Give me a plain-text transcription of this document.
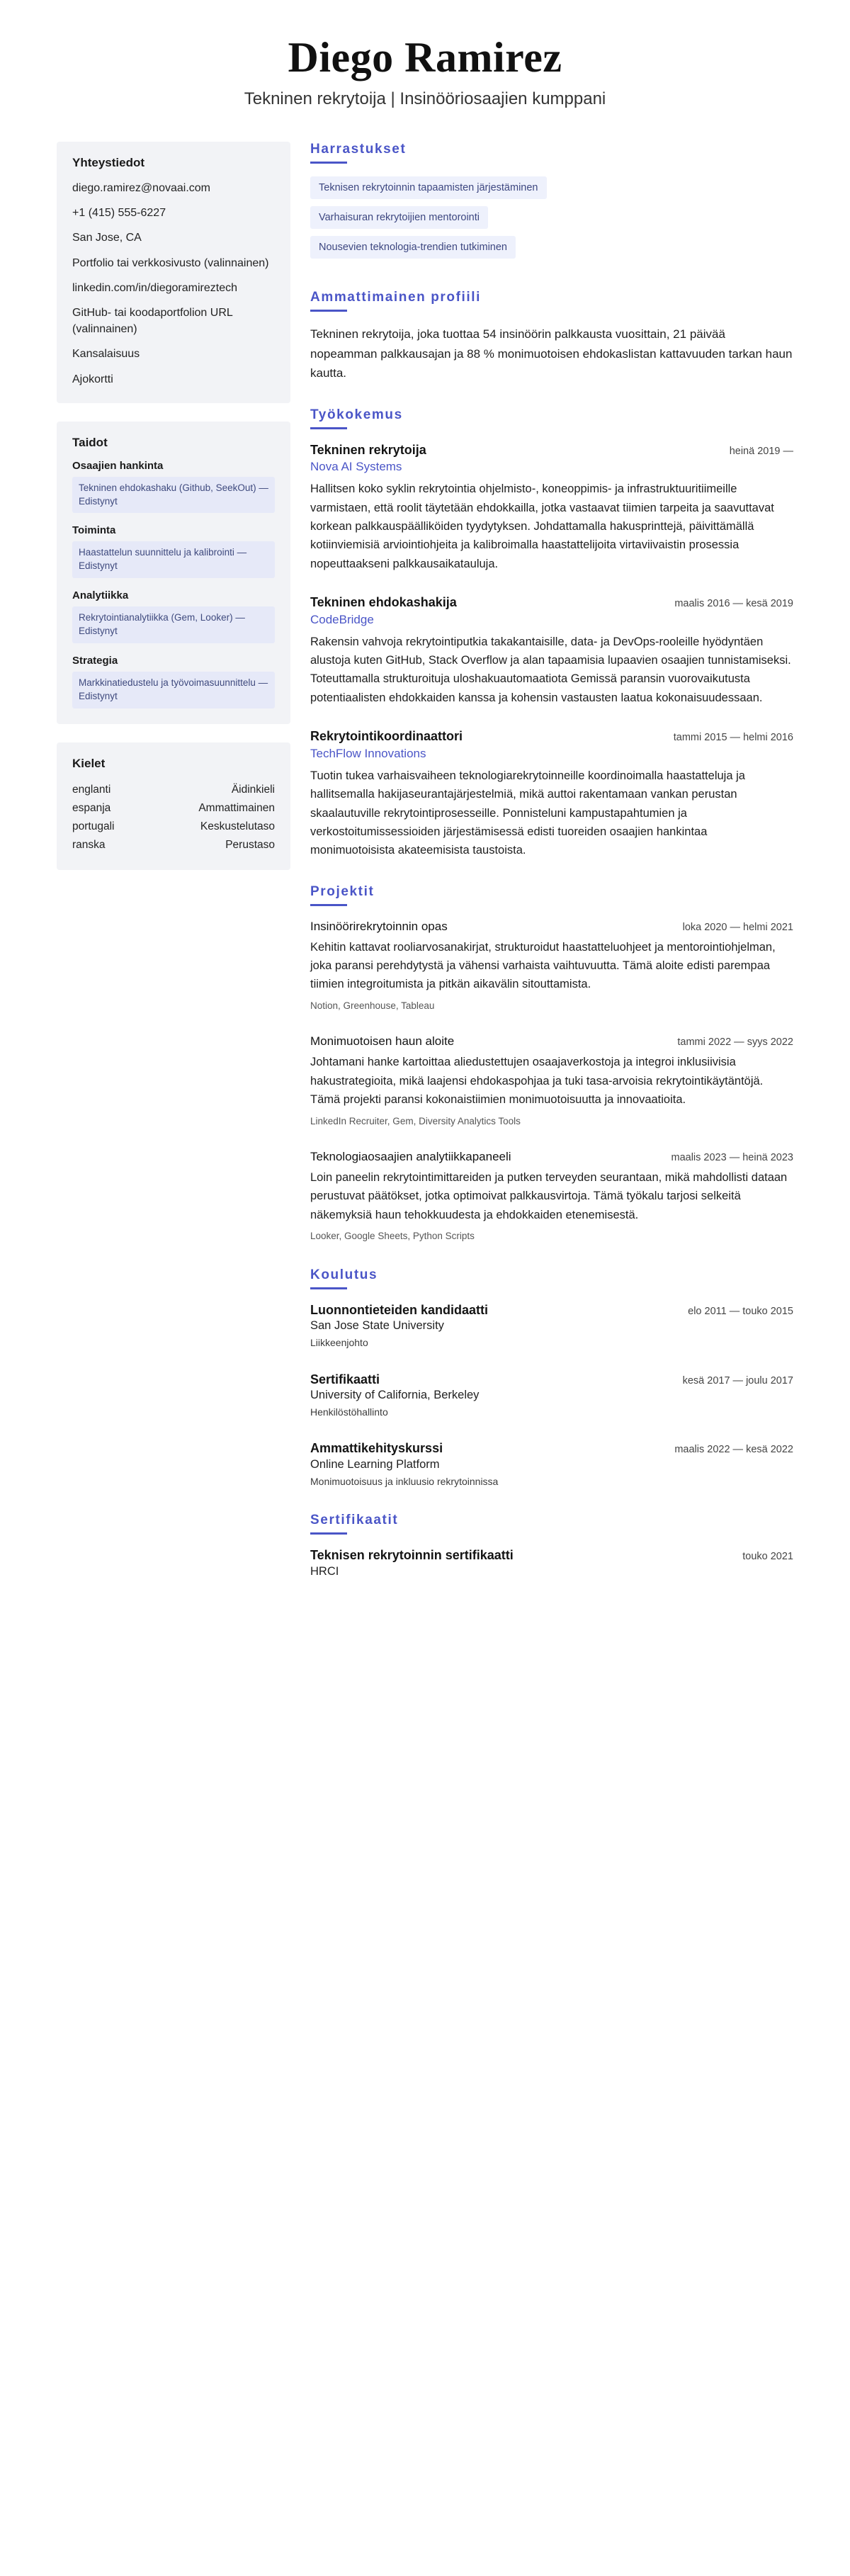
Diego Ramirez
Tekninen rekrytoija | Insinööriosaajien kumppani
Yhteystiedot
diego.ramirez@novaai.com
+1 (415) 555-6227
San Jose, CA
Portfolio tai verkkosivusto (valinnainen)
linkedin.com/in/diegoramireztech
GitHub- tai koodaportfolion URL (valinnainen)
Kansalaisuus
Ajokortti
Taidot
Osaajien hankinta
Tekninen ehdokashaku (Github, SeekOut) — Edistynyt
Toiminta
Haastattelun suunnittelu ja kalibrointi — Edistynyt
Analytiikka
Rekrytointianalytiikka (Gem, Looker) — Edistynyt
Strategia
Markkinatiedustelu ja työvoimasuunnittelu — Edistynyt
Kielet
englanti	Äidinkieli
espanja	Ammattimainen
portugali	Keskustelutaso
ranska	Perustaso
Harrastukset
Teknisen rekrytoinnin tapaamisten järjestäminen
Varhaisuran rekrytoijien mentorointi
Nousevien teknologia-trendien tutkiminen
Ammattimainen profiili
Tekninen rekrytoija, joka tuottaa 54 insinöörin palkkausta vuosittain, 21 päivää nopeamman palkkausajan ja 88 % monimuotoisen ehdokaslistan kattavuuden tarkan haun kautta.
Työkokemus
Tekninen rekrytoija	heinä 2019 —
Nova AI Systems
Hallitsen koko syklin rekrytointia ohjelmisto-, koneoppimis- ja infrastruktuuritiimeille varmistaen, että roolit täytetään ehdokkailla, jotka vastaavat tiimien tarpeita ja saavuttavat korkean palkkauspäälliköiden tyydytyksen. Johdattamalla hakusprinttejä, päivittämällä kotiinviemisiä arviointiohjeita ja kalibroimalla haastattelijoita virtaviivaistin prosessia nopeuttaakseni palkkausaikatauluja.
Tekninen ehdokashakija	maalis 2016 — kesä 2019
CodeBridge
Rakensin vahvoja rekrytointiputkia takakantaisille, data- ja DevOps-rooleille hyödyntäen alustoja kuten GitHub, Stack Overflow ja alan tapaamisia lupaavien osaajien tunnistamiseksi. Toteuttamalla strukturoituja uloshakuautomaatiota Gemissä paransin vuorovaikutusta potentiaalisten ehdokkaiden kanssa ja kohensin vastausten laatua kokonaisuudessaan.
Rekrytointikoordinaattori	tammi 2015 — helmi 2016
TechFlow Innovations
Tuotin tukea varhaisvaiheen teknologiarekrytoinneille koordinoimalla haastatteluja ja hallitsemalla hakijaseurantajärjestelmiä, mikä auttoi rakentamaan vankan perustan skaalautuville rekrytointiprosesseille. Ponnisteluni kampustapahtumien ja verkostoitumissessioiden järjestämisessä edisti tuoreiden osaajien hankintaa monimuotoisista akateemisista taustoista.
Projektit
Insinöörirekrytoinnin opas	loka 2020 — helmi 2021
Kehitin kattavat rooliarvosanakirjat, strukturoidut haastatteluohjeet ja mentorointiohjelman, joka paransi perehdytystä ja vähensi varhaista vaihtuvuutta. Tämä aloite edisti parempaa tiimien integroitumista ja pitkän aikavälin sitouttamista.
Notion, Greenhouse, Tableau
Monimuotoisen haun aloite	tammi 2022 — syys 2022
Johtamani hanke kartoittaa aliedustettujen osaajaverkostoja ja integroi inklusiivisia hakustrategioita, mikä laajensi ehdokaspohjaa ja tuki tasa-arvoisia rekrytointikäytäntöjä. Tämä projekti paransi kokonaistiimien monimuotoisuutta ja innovaatioita.
LinkedIn Recruiter, Gem, Diversity Analytics Tools
Teknologiaosaajien analytiikkapaneeli	maalis 2023 — heinä 2023
Loin paneelin rekrytointimittareiden ja putken terveyden seurantaan, mikä mahdollisti dataan perustuvat päätökset, jotka optimoivat palkkausvirtoja. Tämä työkalu tarjosi selkeitä näkemyksiä haun tehokkuudesta ja ehdokkaiden etenemisestä.
Looker, Google Sheets, Python Scripts
Koulutus
Luonnontieteiden kandidaatti	elo 2011 — touko 2015
San Jose State University
Liikkeenjohto
Sertifikaatti	kesä 2017 — joulu 2017
University of California, Berkeley
Henkilöstöhallinto
Ammattikehityskurssi	maalis 2022 — kesä 2022
Online Learning Platform
Monimuotoisuus ja inkluusio rekrytoinnissa
Sertifikaatit
Teknisen rekrytoinnin sertifikaatti	touko 2021
HRCI
